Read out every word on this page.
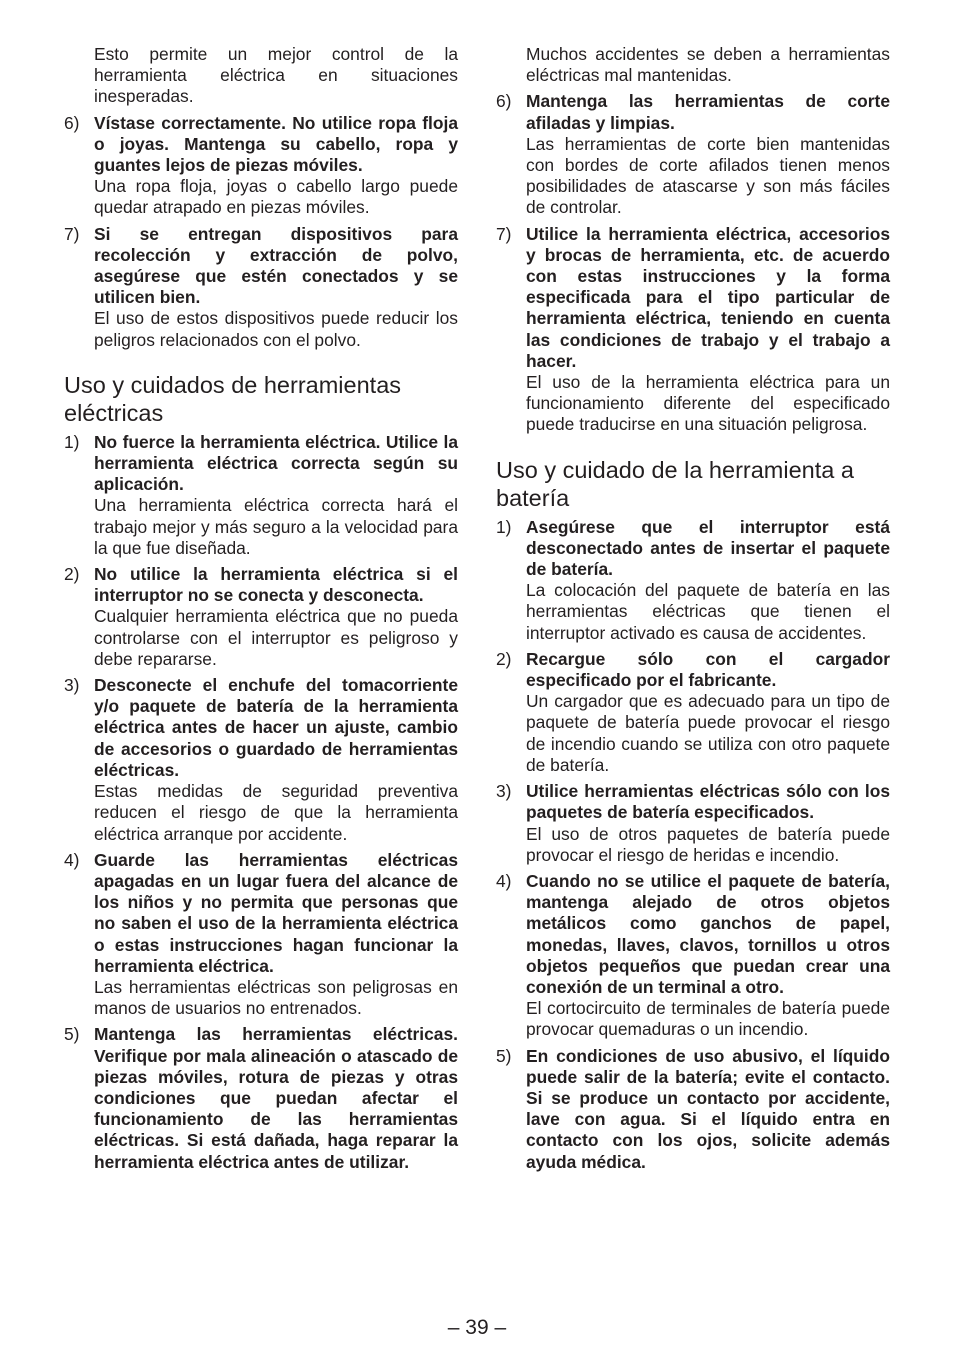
Esto permite un mejor control de la herramienta eléctrica en situaciones inesperadas.

6) Vístase correctamente. No utilice ropa floja o joyas. Mantenga su cabello, ropa y guantes lejos de piezas móviles.

Una ropa floja, joyas o cabello largo puede quedar atrapado en piezas móviles.

7) Si se entregan dispositivos para recolección y extracción de polvo, asegúrese que estén conectados y se utilicen bien.

El uso de estos dispositivos puede reducir los peligros relacionados con el polvo.

Uso y cuidados de herramientas eléctricas
1) No fuerce la herramienta eléctrica. Utilice la herramienta eléctrica correcta según su aplicación.

Una herramienta eléctrica correcta hará el trabajo mejor y más seguro a la velocidad para la que fue diseñada.

2) No utilice la herramienta eléctrica si el interruptor no se conecta y desconecta.

Cualquier herramienta eléctrica que no pueda controlarse con el interruptor es peligroso y debe repararse.

3) Desconecte el enchufe del tomacorriente y/o paquete de batería de la herramienta eléctrica antes de hacer un ajuste, cambio de accesorios o guardado de herramientas eléctricas.

Estas medidas de seguridad preventiva reducen el riesgo de que la herramienta eléctrica arranque por accidente.

4) Guarde las herramientas eléctricas apagadas en un lugar fuera del alcance de los niños y no permita que personas que no saben el uso de la herramienta eléctrica o estas instrucciones hagan funcionar la herramienta eléctrica.

Las herramientas eléctricas son peligrosas en manos de usuarios no entrenados.

5) Mantenga las herramientas eléctricas. Verifique por mala alineación o atascado de piezas móviles, rotura de piezas y otras condiciones que puedan afectar el funcionamiento de las herramientas eléctricas. Si está dañada, haga reparar la herramienta eléctrica antes de utilizar.

Muchos accidentes se deben a herramientas eléctricas mal mantenidas.

6) Mantenga las herramientas de corte afiladas y limpias.

Las herramientas de corte bien mantenidas con bordes de corte afilados tienen menos posibilidades de atascarse y son más fáciles de controlar.

7) Utilice la herramienta eléctrica, accesorios y brocas de herramienta, etc. de acuerdo con estas instrucciones y la forma especificada para el tipo particular de herramienta eléctrica, teniendo en cuenta las condiciones de trabajo y el trabajo a hacer.

El uso de la herramienta eléctrica para un funcionamiento diferente del especificado puede traducirse en una situación peligrosa.

Uso y cuidado de la herramienta a batería
1) Asegúrese que el interruptor está desconectado antes de insertar el paquete de batería.

La colocación del paquete de batería en las herramientas eléctricas que tienen el interruptor activado es causa de accidentes.

2) Recargue sólo con el cargador especificado por el fabricante.

Un cargador que es adecuado para un tipo de paquete de batería puede provocar el riesgo de incendio cuando se utiliza con otro paquete de batería.

3) Utilice herramientas eléctricas sólo con los paquetes de batería especificados.

El uso de otros paquetes de batería puede provocar el riesgo de heridas e incendio.

4) Cuando no se utilice el paquete de batería, mantenga alejado de otros objetos metálicos como ganchos de papel, monedas, llaves, clavos, tornillos u otros objetos pequeños que puedan crear una conexión de un terminal a otro.

El cortocircuito de terminales de batería puede provocar quemaduras o un incendio.

5) En condiciones de uso abusivo, el líquido puede salir de la batería; evite el contacto. Si se produce un contacto por accidente, lave con agua. Si el líquido entra en contacto con los ojos, solicite además ayuda médica.

– 39 –
